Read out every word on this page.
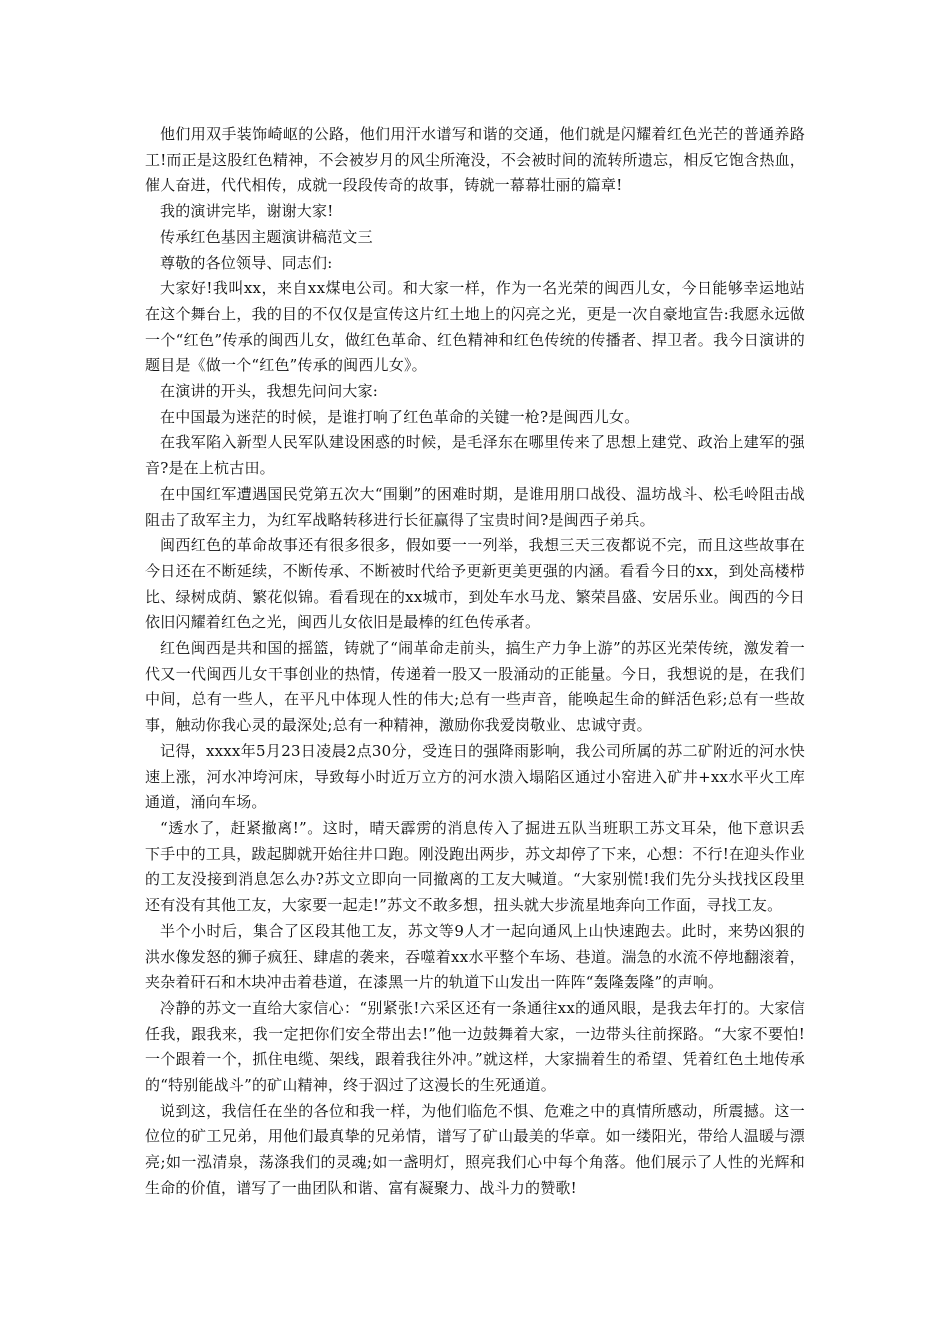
他们用双手装饰崎岖的公路，他们用汗水谱写和谐的交通，他们就是闪耀着红色光芒的普通养路工!而正是这股红色精神，不会被岁月的风尘所淹没，不会被时间的流转所遗忘，相反它饱含热血，催人奋进，代代相传，成就一段段传奇的故事，铸就一幕幕壮丽的篇章!

我的演讲完毕，谢谢大家!

传承红色基因主题演讲稿范文三

尊敬的各位领导、同志们:

大家好!我叫xx，来自xx煤电公司。和大家一样，作为一名光荣的闽西儿女，今日能够幸运地站在这个舞台上，我的目的不仅仅是宣传这片红土地上的闪亮之光，更是一次自豪地宣告:我愿永远做一个“红色”传承的闽西儿女，做红色革命、红色精神和红色传统的传播者、捍卫者。我今日演讲的题目是《做一个“红色”传承的闽西儿女》。

在演讲的开头，我想先问问大家:

在中国最为迷茫的时候，是谁打响了红色革命的关键一枪?是闽西儿女。

在我军陷入新型人民军队建设困惑的时候，是毛泽东在哪里传来了思想上建党、政治上建军的强音?是在上杭古田。

在中国红军遭遇国民党第五次大“围剿”的困难时期，是谁用朋口战役、温坊战斗、松毛岭阻击战阻击了敌军主力，为红军战略转移进行长征赢得了宝贵时间?是闽西子弟兵。

闽西红色的革命故事还有很多很多，假如要一一列举，我想三天三夜都说不完，而且这些故事在今日还在不断延续，不断传承、不断被时代给予更新更美更强的内涵。看看今日的xx，到处高楼栉比、绿树成荫、繁花似锦。看看现在的xx城市，到处车水马龙、繁荣昌盛、安居乐业。闽西的今日依旧闪耀着红色之光，闽西儿女依旧是最棒的红色传承者。

红色闽西是共和国的摇篮，铸就了“闹革命走前头，搞生产力争上游”的苏区光荣传统，激发着一代又一代闽西儿女干事创业的热情，传递着一股又一股涌动的正能量。今日，我想说的是，在我们中间，总有一些人，在平凡中体现人性的伟大;总有一些声音，能唤起生命的鲜活色彩;总有一些故事，触动你我心灵的最深处;总有一种精神，激励你我爱岗敬业、忠诚守责。

记得，xxxx年5月23日凌晨2点30分，受连日的强降雨影响，我公司所属的苏二矿附近的河水快速上涨，河水冲垮河床，导致每小时近万立方的河水溃入塌陷区通过小窑进入矿井+xx水平火工库通道，涌向车场。

“透水了，赶紧撤离!”。这时，晴天霹雳的消息传入了掘进五队当班职工苏文耳朵，他下意识丢下手中的工具，跋起脚就开始往井口跑。刚没跑出两步，苏文却停了下来，心想：不行!在迎头作业的工友没接到消息怎么办?苏文立即向一同撤离的工友大喊道。“大家别慌!我们先分头找找区段里还有没有其他工友，大家要一起走!”苏文不敢多想，扭头就大步流星地奔向工作面，寻找工友。

半个小时后，集合了区段其他工友，苏文等9人才一起向通风上山快速跑去。此时，来势凶狠的洪水像发怒的狮子疯狂、肆虐的袭来，吞噬着xx水平整个车场、巷道。湍急的水流不停地翻滚着，夹杂着矸石和木块冲击着巷道，在漆黑一片的轨道下山发出一阵阵“轰隆轰隆”的声响。

冷静的苏文一直给大家信心：“别紧张!六采区还有一条通往xx的通风眼，是我去年打的。大家信任我，跟我来，我一定把你们安全带出去!”他一边鼓舞着大家，一边带头往前探路。“大家不要怕!一个跟着一个，抓住电缆、架线，跟着我往外冲。”就这样，大家揣着生的希望、凭着红色土地传承的“特别能战斗”的矿山精神，终于泅过了这漫长的生死通道。

说到这，我信任在坐的各位和我一样，为他们临危不惧、危难之中的真情所感动，所震撼。这一位位的矿工兄弟，用他们最真挚的兄弟情，谱写了矿山最美的华章。如一缕阳光，带给人温暖与漂亮;如一泓清泉，荡涤我们的灵魂;如一盏明灯，照亮我们心中每个角落。他们展示了人性的光辉和生命的价值，谱写了一曲团队和谐、富有凝聚力、战斗力的赞歌!
